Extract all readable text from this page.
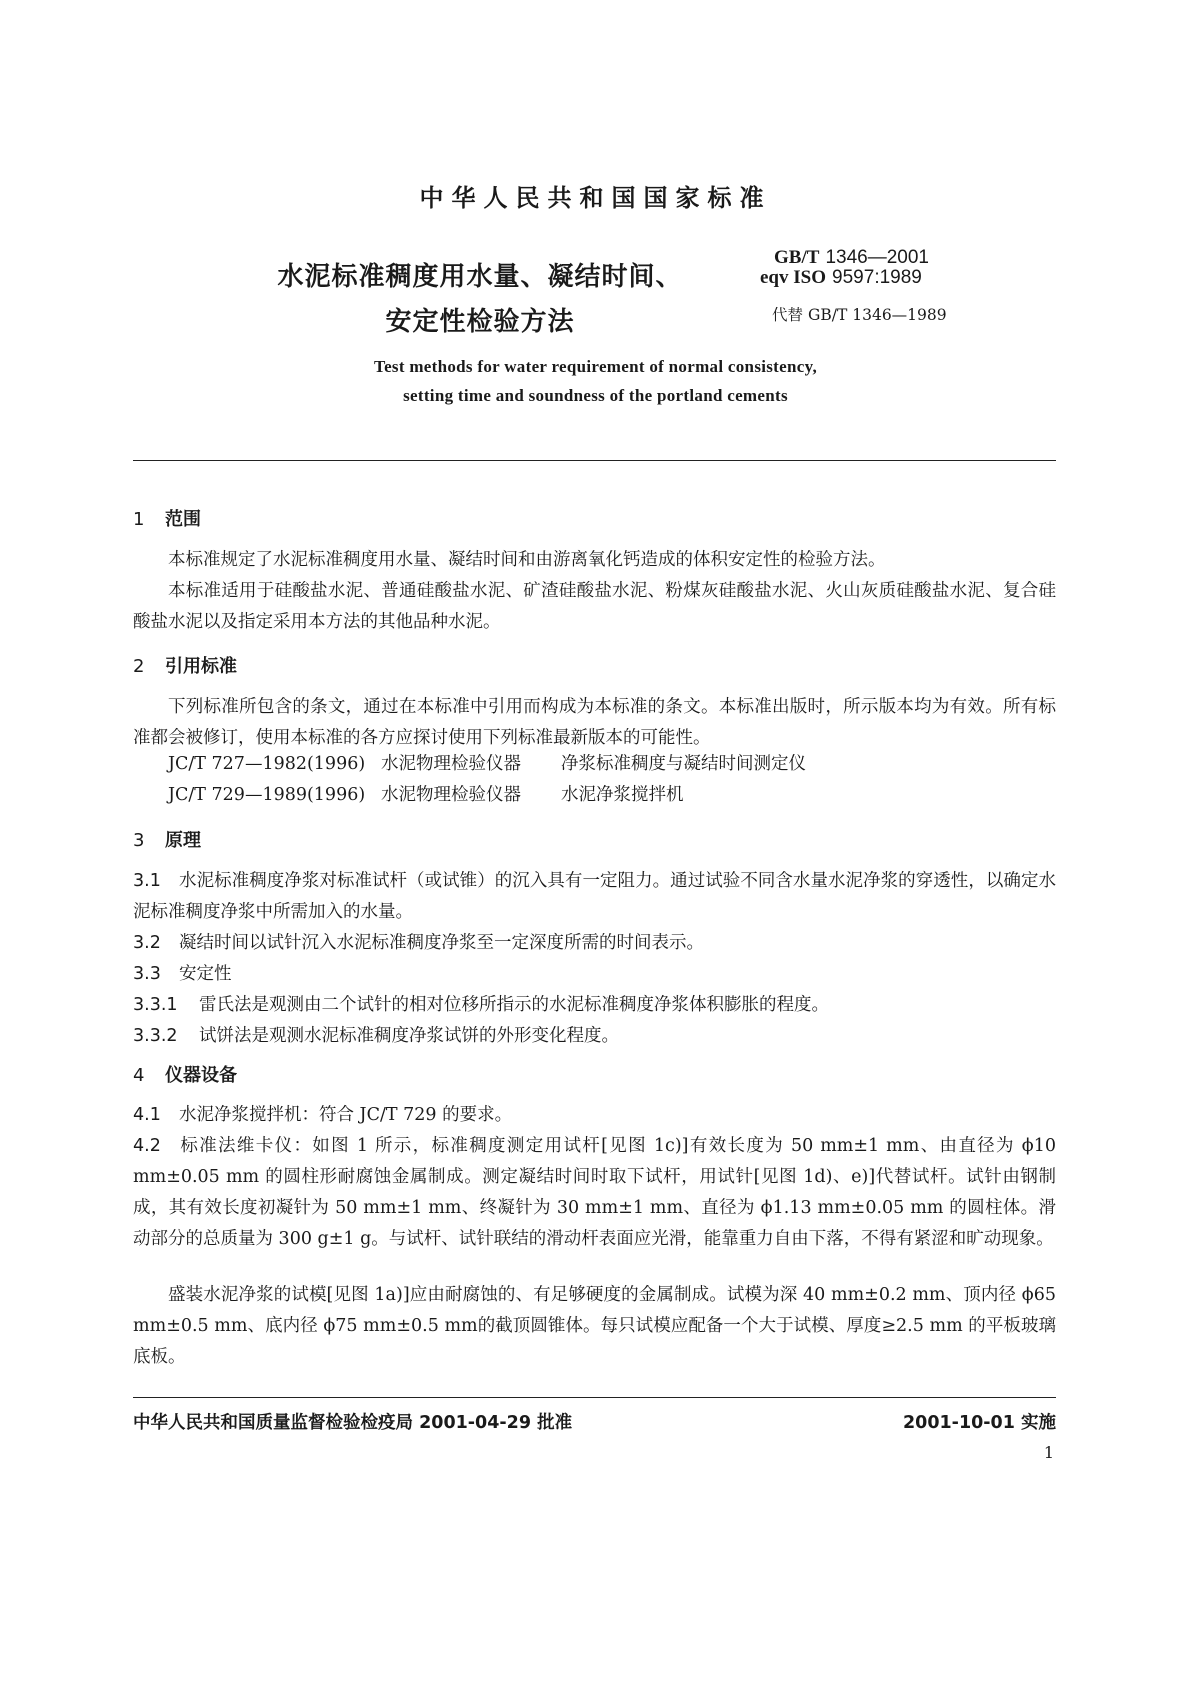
中华人民共和国国家标准
水泥标准稠度用水量、凝结时间、
安定性检验方法
GB/T 1346—2001
eqv ISO 9597:1989
代替 GB/T 1346—1989
Test methods for water requirement of normal consistency,
setting time and soundness of the portland cements
1 范围
本标准规定了水泥标准稠度用水量、凝结时间和由游离氧化钙造成的体积安定性的检验方法。
本标准适用于硅酸盐水泥、普通硅酸盐水泥、矿渣硅酸盐水泥、粉煤灰硅酸盐水泥、火山灰质硅酸盐水泥、复合硅酸盐水泥以及指定采用本方法的其他品种水泥。
2 引用标准
下列标准所包含的条文，通过在本标准中引用而构成为本标准的条文。本标准出版时，所示版本均为有效。所有标准都会被修订，使用本标准的各方应探讨使用下列标准最新版本的可能性。
JC/T 727—1982(1996) 水泥物理检验仪器 净浆标准稠度与凝结时间测定仪
JC/T 729—1989(1996) 水泥物理检验仪器 水泥净浆搅拌机
3 原理
3.1 水泥标准稠度净浆对标准试杆（或试锥）的沉入具有一定阻力。通过试验不同含水量水泥净浆的穿透性，以确定水泥标准稠度净浆中所需加入的水量。
3.2 凝结时间以试针沉入水泥标准稠度净浆至一定深度所需的时间表示。
3.3 安定性
3.3.1 雷氏法是观测由二个试针的相对位移所指示的水泥标准稠度净浆体积膨胀的程度。
3.3.2 试饼法是观测水泥标准稠度净浆试饼的外形变化程度。
4 仪器设备
4.1 水泥净浆搅拌机：符合 JC/T 729 的要求。
4.2 标准法维卡仪：如图 1 所示，标准稠度测定用试杆[见图 1c)]有效长度为 50 mm±1 mm、由直径为 ϕ10 mm±0.05 mm 的圆柱形耐腐蚀金属制成。测定凝结时间时取下试杆，用试针[见图 1d)、e)]代替试杆。试针由钢制成，其有效长度初凝针为 50 mm±1 mm、终凝针为 30 mm±1 mm、直径为 ϕ1.13 mm±0.05 mm 的圆柱体。滑动部分的总质量为 300 g±1 g。与试杆、试针联结的滑动杆表面应光滑，能靠重力自由下落，不得有紧涩和旷动现象。
盛装水泥净浆的试模[见图 1a)]应由耐腐蚀的、有足够硬度的金属制成。试模为深 40 mm±0.2 mm、顶内径 ϕ65 mm±0.5 mm、底内径 ϕ75 mm±0.5 mm的截顶圆锥体。每只试模应配备一个大于试模、厚度≥2.5 mm 的平板玻璃底板。
中华人民共和国质量监督检验检疫局 2001-04-29 批准	2001-10-01 实施
1
